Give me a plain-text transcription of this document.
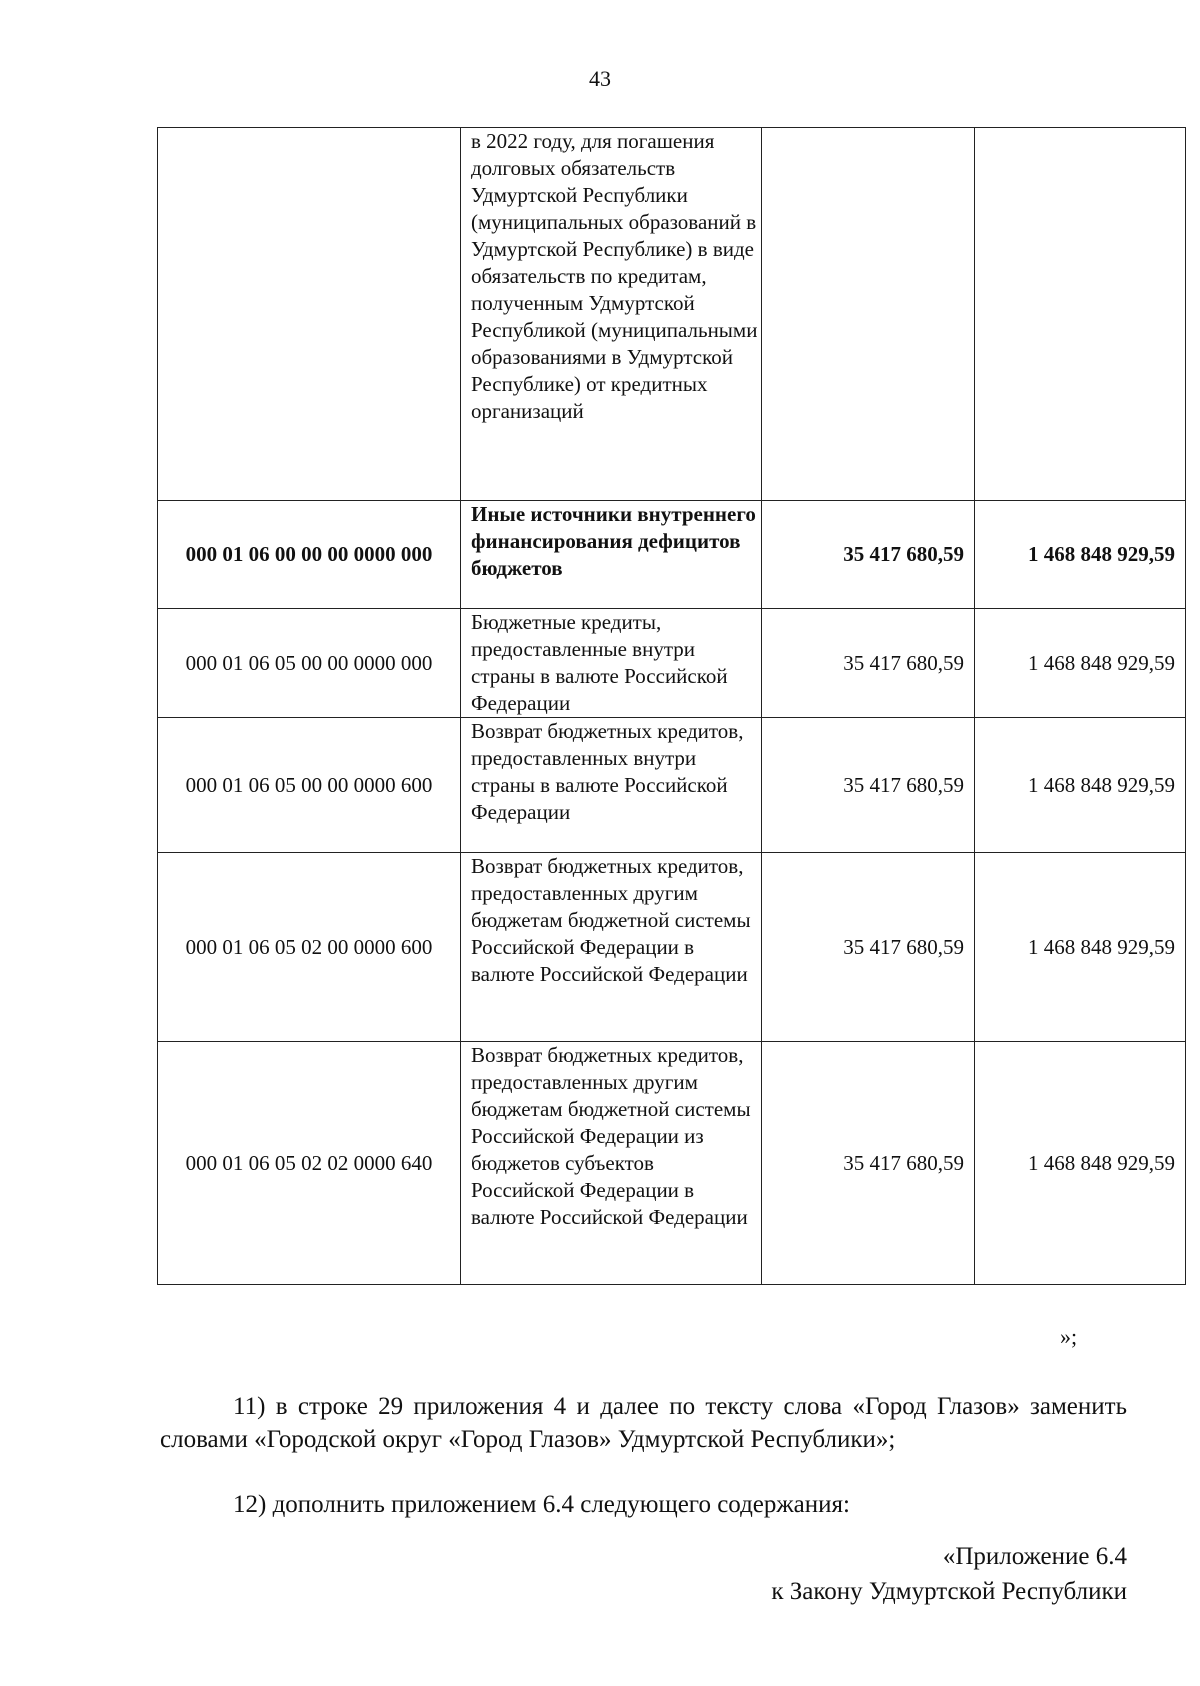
43
	в 2022 году, для погашения долговых обязательств Удмуртской Республики (муниципальных образований в Удмуртской Республике) в виде обязательств по кредитам, полученным Удмуртской Республикой (муниципальными образованиями в Удмуртской Республике) от кредитных организаций		
000 01 06 00 00 00 0000 000	Иные источники внутреннего финансирования дефицитов бюджетов	35 417 680,59	1 468 848 929,59
000 01 06 05 00 00 0000 000	Бюджетные кредиты, предоставленные внутри страны в валюте Российской Федерации	35 417 680,59	1 468 848 929,59
000 01 06 05 00 00 0000 600	Возврат бюджетных кредитов, предоставленных внутри страны в валюте Российской Федерации	35 417 680,59	1 468 848 929,59
000 01 06 05 02 00 0000 600	Возврат бюджетных кредитов, предоставленных другим бюджетам бюджетной системы Российской Федерации в валюте Российской Федерации	35 417 680,59	1 468 848 929,59
000 01 06 05 02 02 0000 640	Возврат бюджетных кредитов, предоставленных другим бюджетам бюджетной системы Российской Федерации из бюджетов субъектов Российской Федерации в валюте Российской Федерации	35 417 680,59	1 468 848 929,59
»;
11) в строке 29 приложения 4 и далее по тексту слова «Город Глазов» заменить словами «Городской округ «Город Глазов» Удмуртской Республики»;
12) дополнить приложением 6.4 следующего содержания:
«Приложение 6.4
к Закону Удмуртской Республики
